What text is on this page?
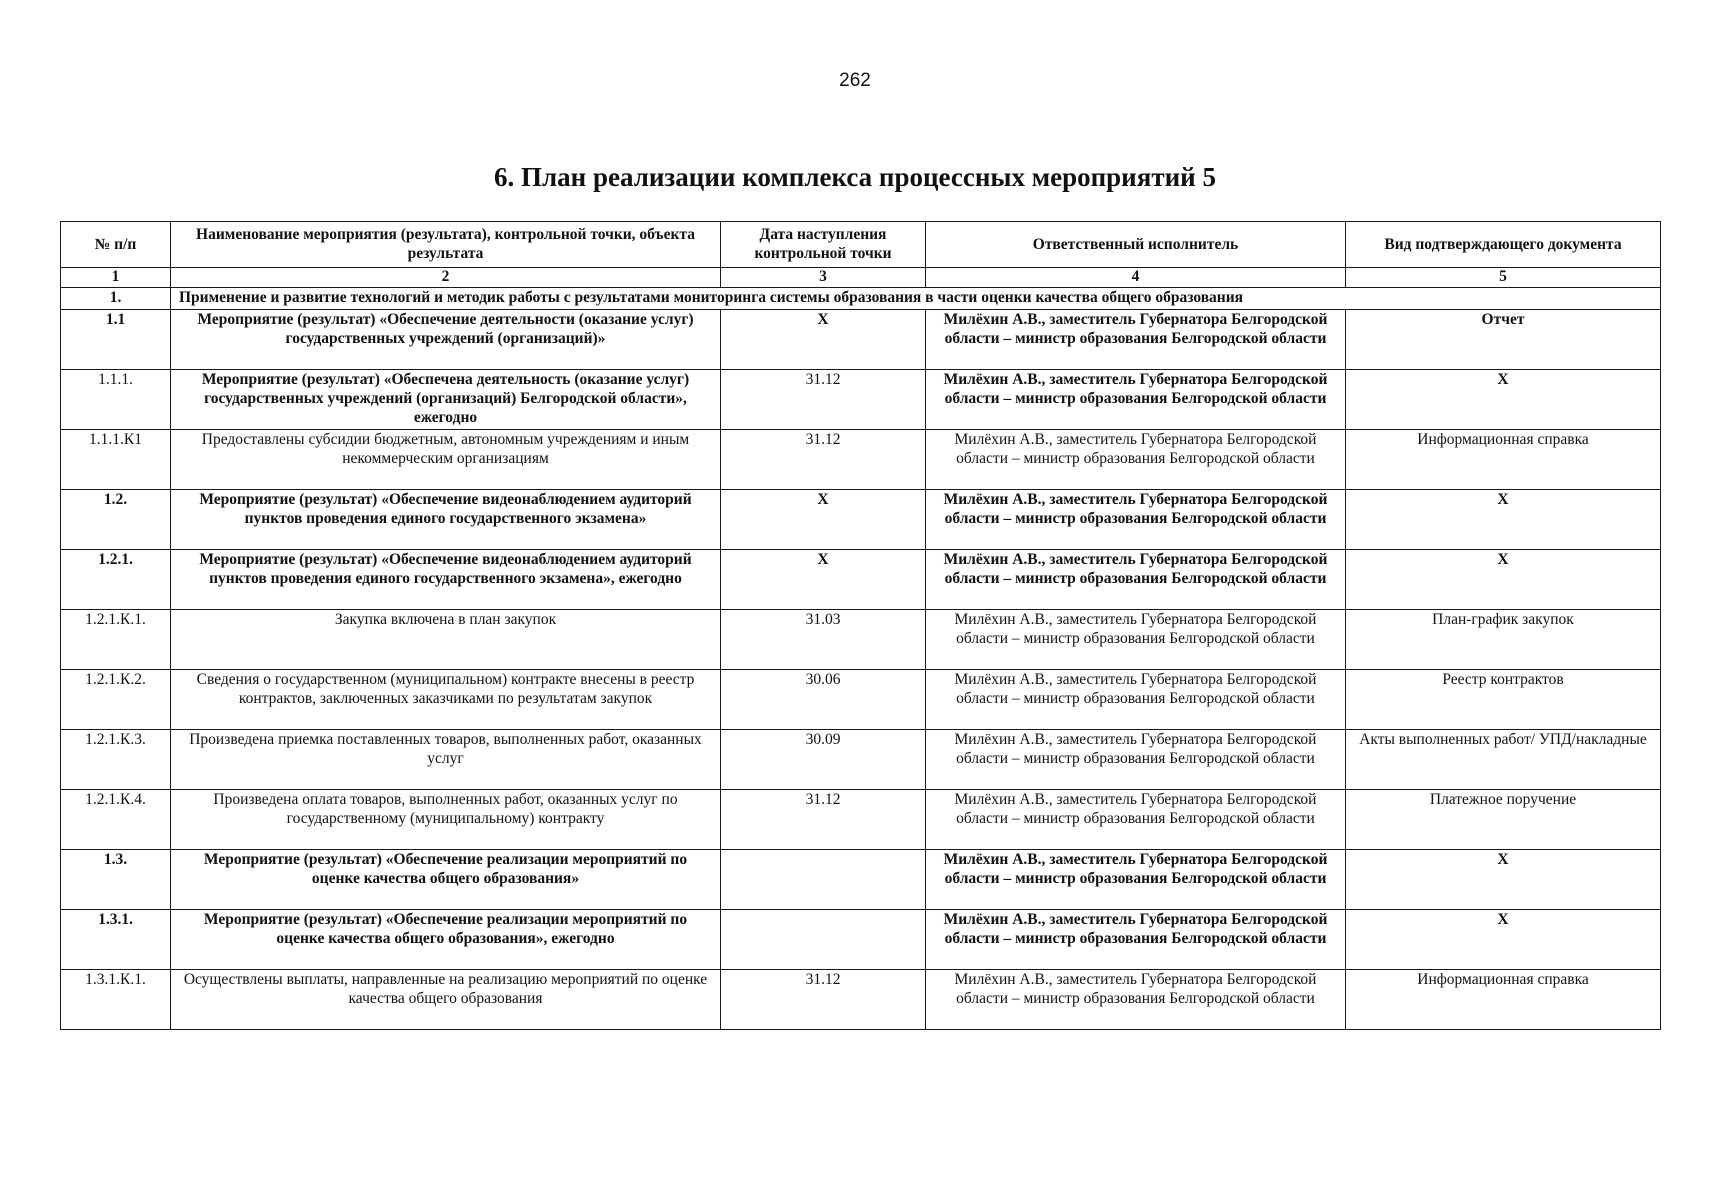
262
6. План реализации комплекса процессных мероприятий 5
№ п/п	Наименование мероприятия (результата), контрольной точки, объекта результата	Дата наступления контрольной точки	Ответственный исполнитель	Вид подтверждающего документа
1	2	3	4	5
1.	Применение и развитие технологий и методик работы с результатами мониторинга системы образования в части оценки качества общего образования			
1.1	Мероприятие (результат) «Обеспечение деятельности (оказание услуг) государственных учреждений (организаций)»	Х	Милёхин А.В., заместитель Губернатора Белгородской области – министр образования Белгородской области	Отчет
1.1.1.	Мероприятие (результат) «Обеспечена деятельность (оказание услуг) государственных учреждений (организаций) Белгородской области», ежегодно	31.12	Милёхин А.В., заместитель Губернатора Белгородской области – министр образования Белгородской области	Х
1.1.1.К1	Предоставлены субсидии бюджетным, автономным учреждениям и иным некоммерческим организациям	31.12	Милёхин А.В., заместитель Губернатора Белгородской области – министр образования Белгородской области	Информационная справка
1.2.	Мероприятие (результат) «Обеспечение видеонаблюдением аудиторий пунктов проведения единого государственного экзамена»	Х	Милёхин А.В., заместитель Губернатора Белгородской области – министр образования Белгородской области	Х
1.2.1.	Мероприятие (результат) «Обеспечение видеонаблюдением аудиторий пунктов проведения единого государственного экзамена», ежегодно	Х	Милёхин А.В., заместитель Губернатора Белгородской области – министр образования Белгородской области	Х
1.2.1.К.1.	Закупка включена в план закупок	31.03	Милёхин А.В., заместитель Губернатора Белгородской области – министр образования Белгородской области	План-график закупок
1.2.1.К.2.	Сведения о государственном (муниципальном) контракте внесены в реестр контрактов, заключенных заказчиками по результатам закупок	30.06	Милёхин А.В., заместитель Губернатора Белгородской области – министр образования Белгородской области	Реестр контрактов
1.2.1.К.3.	Произведена приемка поставленных товаров, выполненных работ, оказанных услуг	30.09	Милёхин А.В., заместитель Губернатора Белгородской области – министр образования Белгородской области	Акты выполненных работ/ УПД/накладные
1.2.1.К.4.	Произведена оплата товаров, выполненных работ, оказанных услуг по государственному (муниципальному) контракту	31.12	Милёхин А.В., заместитель Губернатора Белгородской области – министр образования Белгородской области	Платежное поручение
1.3.	Мероприятие (результат) «Обеспечение реализации мероприятий по оценке качества общего образования»		Милёхин А.В., заместитель Губернатора Белгородской области – министр образования Белгородской области	Х
1.3.1.	Мероприятие (результат) «Обеспечение реализации мероприятий по оценке качества общего образования», ежегодно		Милёхин А.В., заместитель Губернатора Белгородской области – министр образования Белгородской области	Х
1.3.1.К.1.	Осуществлены выплаты, направленные на реализацию мероприятий по оценке качества общего образования	31.12	Милёхин А.В., заместитель Губернатора Белгородской области – министр образования Белгородской области	Информационная справка
